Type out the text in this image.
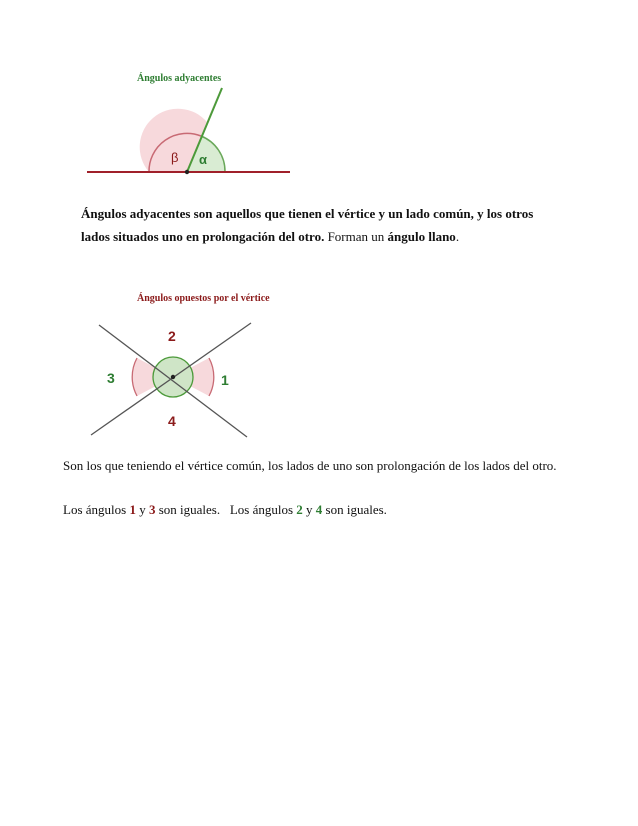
Ángulos adyacentes
β α
Ángulos adyacentes son aquellos que tienen el vértice y un lado común, y los otros lados situados uno en prolongación del otro. Forman un ángulo llano.
Ángulos opuestos por el vértice
2
3	1
4
Son los que teniendo el vértice común, los lados de uno son prolongación de los lados del otro.
Los ángulos 1 y 3 son iguales.   Los ángulos 2 y 4 son iguales.
